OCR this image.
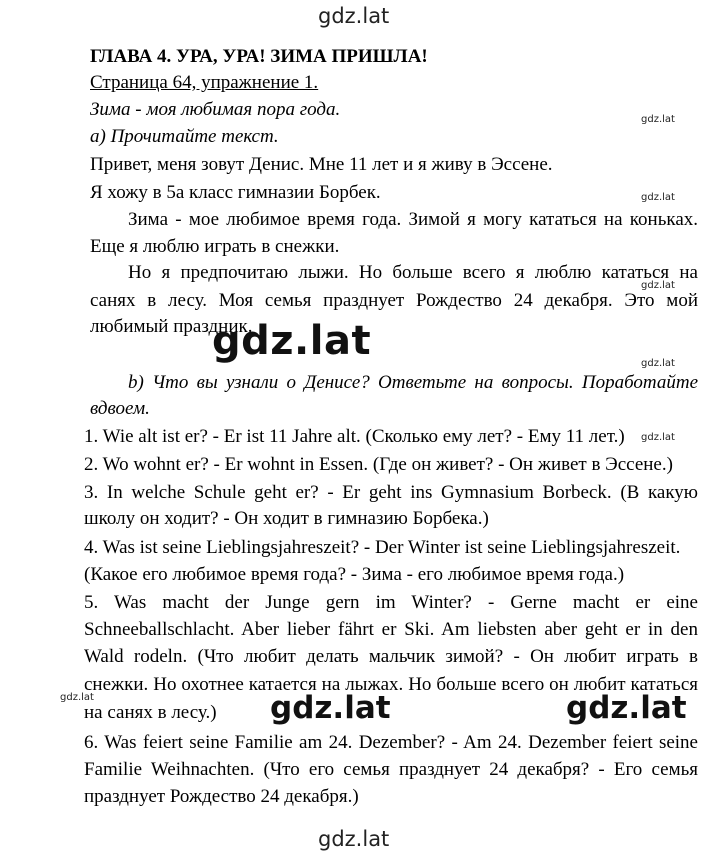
gdz.lat
gdz.lat
gdz.lat
gdz.lat
gdz.lat
gdz.lat
gdz.lat
gdz.lat
gdz.lat	gdz.lat
gdz.lat
ГЛАВА 4. УРА, УРА! ЗИМА ПРИШЛА!
Страница 64, упражнение 1.
Зима - моя любимая пора года.
а) Прочитайте текст.
Привет, меня зовут Денис. Мне 11 лет и я живу в Эссене.
Я хожу в 5а класс гимназии Борбек.
Зима - мое любимое время года. Зимой я могу кататься на коньках.
Еще я люблю играть в снежки.
Но я предпочитаю лыжи. Но больше всего я люблю кататься на
санях в лесу. Моя семья празднует Рождество 24 декабря. Это мой
любимый праздник.
b) Что вы узнали о Денисе? Ответьте на вопросы. Поработайте
вдвоем.
1. Wie alt ist er? - Er ist 11 Jahre alt. (Сколько ему лет? - Ему 11 лет.)
2. Wo wohnt er? - Er wohnt in Essen. (Где он живет? - Он живет в Эссене.)
3. In welche Schule geht er? - Er geht ins Gymnasium Borbeck. (В какую
школу он ходит? - Он ходит в гимназию Борбека.)
4. Was ist seine Lieblingsjahreszeit? - Der Winter ist seine Lieblingsjahreszeit.
(Какое его любимое время года? - Зима - его любимое время года.)
5. Was macht der Junge gern im Winter? - Gerne macht er eine
Schneeballschlacht. Aber lieber fährt er Ski. Am liebsten aber geht er in den
Wald rodeln. (Что любит делать мальчик зимой? - Он любит играть в
снежки. Но охотнее катается на лыжах. Но больше всего он любит кататься
на санях в лесу.)
6. Was feiert seine Familie am 24. Dezember? - Am 24. Dezember feiert seine
Familie Weihnachten. (Что его семья празднует 24 декабря? - Его семья
празднует Рождество 24 декабря.)
